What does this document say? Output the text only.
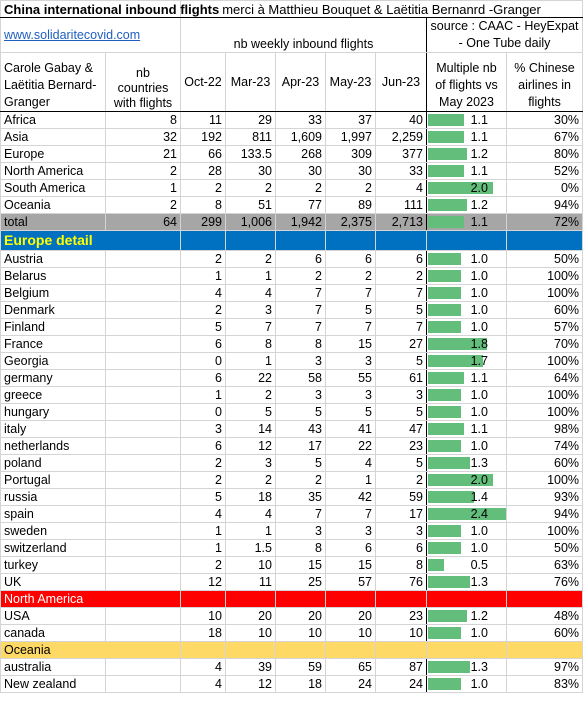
China international inbound flights		merci à Matthieu Bouquet & Laëtitia Bernanrd -Granger						
www.solidaritecovid.com		nb weekly inbound flights					source : CAAC - HeyExpat - One Tube daily	
Carole Gabay & Laëtitia Bernard-Granger	nb countries with flights	Oct-22	Mar-23	Apr-23	May-23	Jun-23	Multiple nb of flights vs May 2023	% Chinese airlines in flights
Africa	8	11	29	33	37	40	1.1	30%
Asia	32	192	811	1,609	1,997	2,259	1.1	67%
Europe	21	66	133.5	268	309	377	1.2	80%
North America	2	28	30	30	30	33	1.1	52%
South America	1	2	2	2	2	4	2.0	0%
Oceania	2	8	51	77	89	111	1.2	94%
total	64	299	1,006	1,942	2,375	2,713	1.1	72%
Europe detail								
Austria		2	2	6	6	6	1.0	50%
Belarus		1	1	2	2	2	1.0	100%
Belgium		4	4	7	7	7	1.0	100%
Denmark		2	3	7	5	5	1.0	60%
Finland		5	7	7	7	7	1.0	57%
France		6	8	8	15	27	1.8	70%
Georgia		0	1	3	3	5	1.7	100%
germany		6	22	58	55	61	1.1	64%
greece		1	2	3	3	3	1.0	100%
hungary		0	5	5	5	5	1.0	100%
italy		3	14	43	41	47	1.1	98%
netherlands		6	12	17	22	23	1.0	74%
poland		2	3	5	4	5	1.3	60%
Portugal		2	2	2	1	2	2.0	100%
russia		5	18	35	42	59	1.4	93%
spain		4	4	7	7	17	2.4	94%
sweden		1	1	3	3	3	1.0	100%
switzerland		1	1.5	8	6	6	1.0	50%
turkey		2	10	15	15	8	0.5	63%
UK		12	11	25	57	76	1.3	76%
North America								
USA		10	20	20	20	23	1.2	48%
canada		18	10	10	10	10	1.0	60%
Oceania								
australia		4	39	59	65	87	1.3	97%
New zealand		4	12	18	24	24	1.0	83%
